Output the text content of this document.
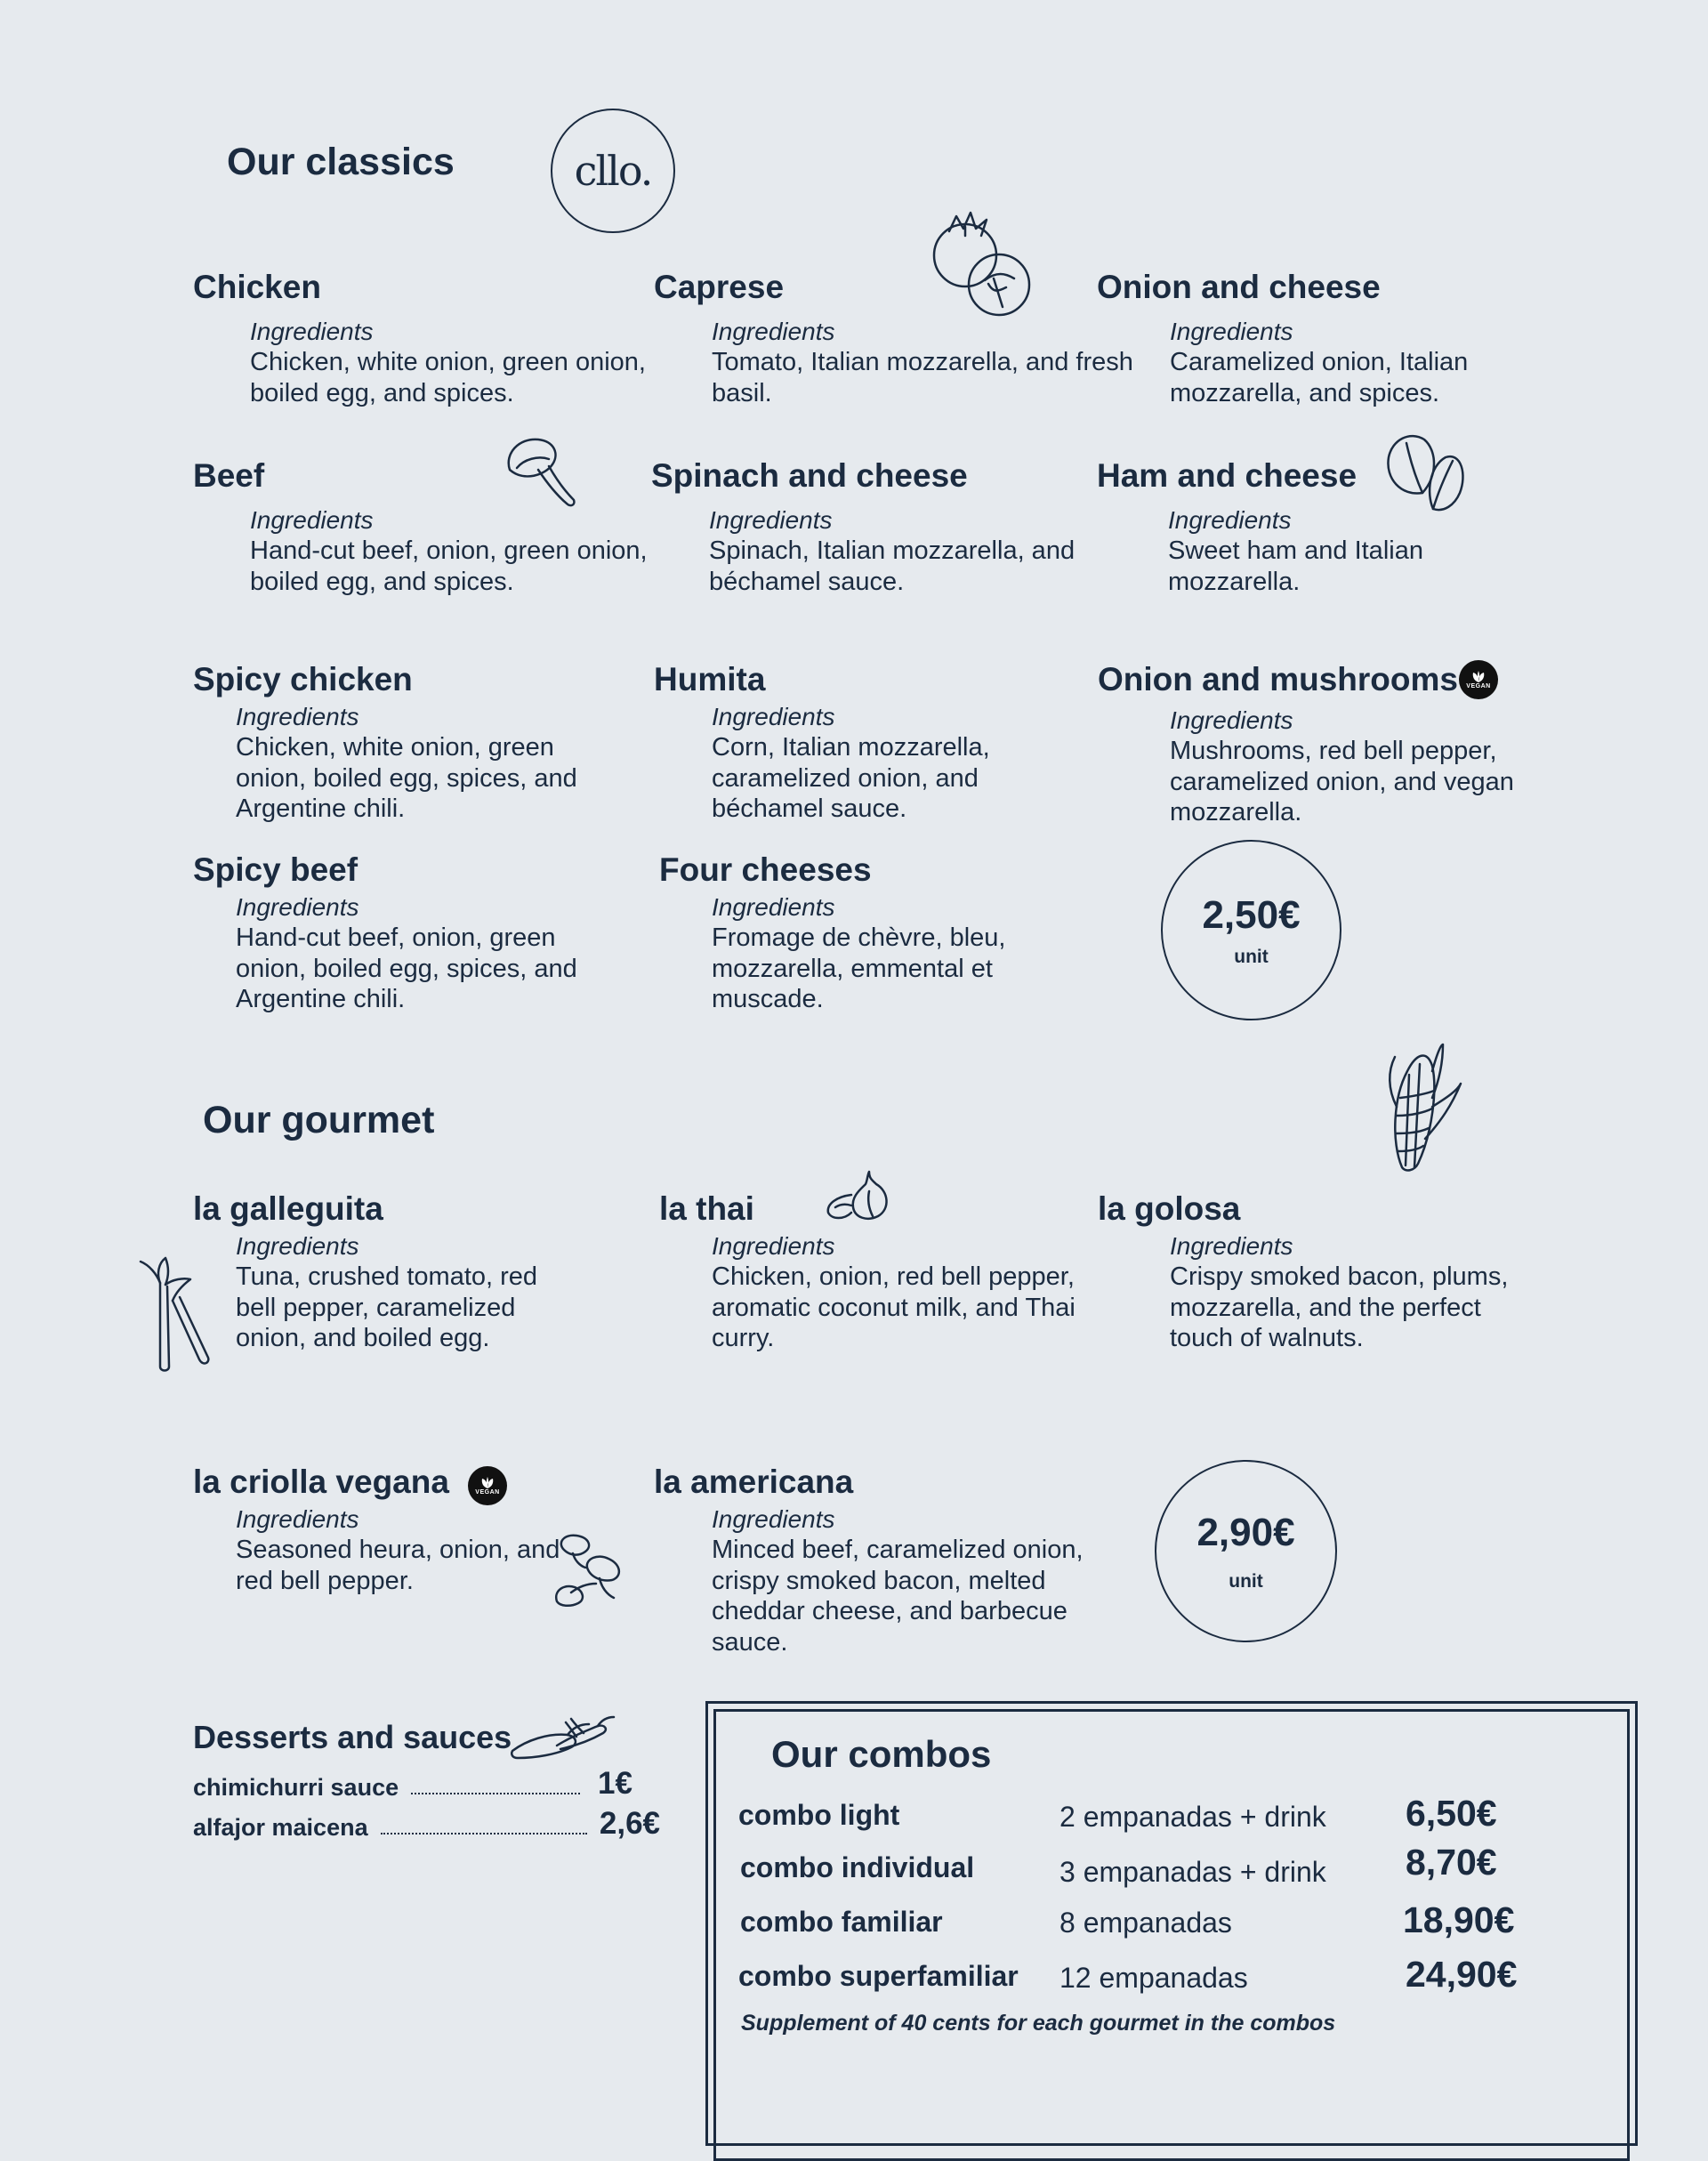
Our classics	cllo.
Chicken
Ingredients
Chicken, white onion, green onion, boiled egg, and spices.
Caprese
Ingredients
Tomato, Italian mozzarella, and fresh basil.
Onion and cheese
Ingredients
Caramelized onion, Italian mozzarella, and spices.
Beef
Ingredients
Hand-cut beef, onion, green onion, boiled egg, and spices.
Spinach and cheese
Ingredients
Spinach, Italian mozzarella, and béchamel sauce.
Ham and cheese
Ingredients
Sweet ham and Italian mozzarella.
Spicy chicken
Ingredients
Chicken, white onion, green onion, boiled egg, spices, and Argentine chili.
Humita
Ingredients
Corn, Italian mozzarella, caramelized onion, and béchamel sauce.
Onion and mushrooms
Ingredients
Mushrooms, red bell pepper, caramelized onion, and vegan mozzarella.
VEGAN
Spicy beef
Ingredients
Hand-cut beef, onion, green onion, boiled egg, spices, and Argentine chili.
Four cheeses
Ingredients
Fromage de chèvre, bleu, mozzarella, emmental et muscade.
2,50€
unit
Our gourmet
la galleguita
Ingredients
Tuna, crushed tomato, red bell pepper, caramelized onion, and boiled egg.
la thai
Ingredients
Chicken, onion, red bell pepper, aromatic coconut milk, and Thai curry.
la golosa
Ingredients
Crispy smoked bacon, plums, mozzarella, and the perfect touch of walnuts.
la criolla vegana
Ingredients
Seasoned heura, onion, and red bell pepper.
VEGAN	la americana
Ingredients
Minced beef, caramelized onion, crispy smoked bacon, melted cheddar cheese, and barbecue sauce.
2,90€
unit
Desserts and sauces
chimichurri sauce	1€
alfajor maicena	2,6€
Our combos
combo light	2 empanadas + drink 6,50€
combo individual	3 empanadas + drink 8,70€
combo familiar	8 empanadas	18,90€
combo superfamiliar 12 empanadas	24,90€
Supplement of 40 cents for each gourmet in the combos
